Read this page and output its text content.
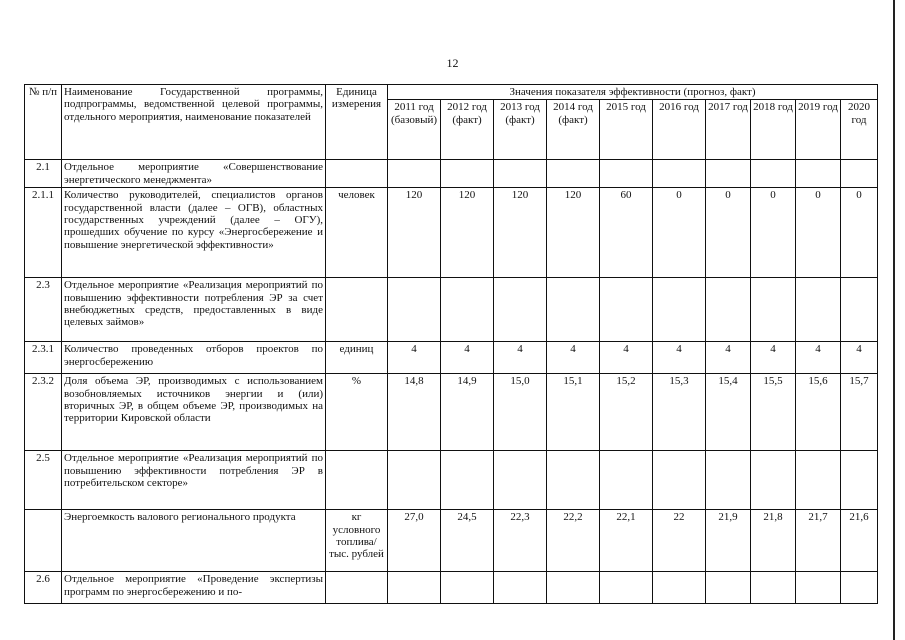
12
№ п/п	Наименование Государственной программы, подпрограммы, ведомственной целевой программы, отдельного мероприятия, наименование показателей	Единица измерения	Значения показателя эффективности (прогноз, факт)									
			2011 год (базовый)	2012 год (факт)	2013 год (факт)	2014 год (факт)	2015 год	2016 год	2017 год	2018 год	2019 год	2020 год
2.1	Отдельное мероприятие «Совершенствование энергетического менеджмента»											
2.1.1	Количество руководителей, специалистов органов государственной власти (далее – ОГВ), областных государственных учреждений (далее – ОГУ), прошедших обучение по курсу «Энергосбережение и повышение энергетической эффективности»	человек	120	120	120	120	60	0	0	0	0	0
2.3	Отдельное мероприятие «Реализация мероприятий по повышению эффективности потребления ЭР за счет внебюджетных средств, предоставленных в виде целевых займов»											
2.3.1	Количество проведенных отборов проектов по энергосбережению	единиц	4	4	4	4	4	4	4	4	4	4
2.3.2	Доля объема ЭР, производимых с использованием возобновляемых источников энергии и (или) вторичных ЭР, в общем объеме ЭР, производимых на территории Кировской области	%	14,8	14,9	15,0	15,1	15,2	15,3	15,4	15,5	15,6	15,7
2.5	Отдельное мероприятие «Реализация мероприятий по повышению эффективности потребления ЭР в потребительском секторе»											
	Энергоемкость валового регионального продукта	кг условного топлива/тыс. рублей	27,0	24,5	22,3	22,2	22,1	22	21,9	21,8	21,7	21,6
2.6	Отдельное мероприятие «Проведение экспертизы программ по энергосбережению и по-											
